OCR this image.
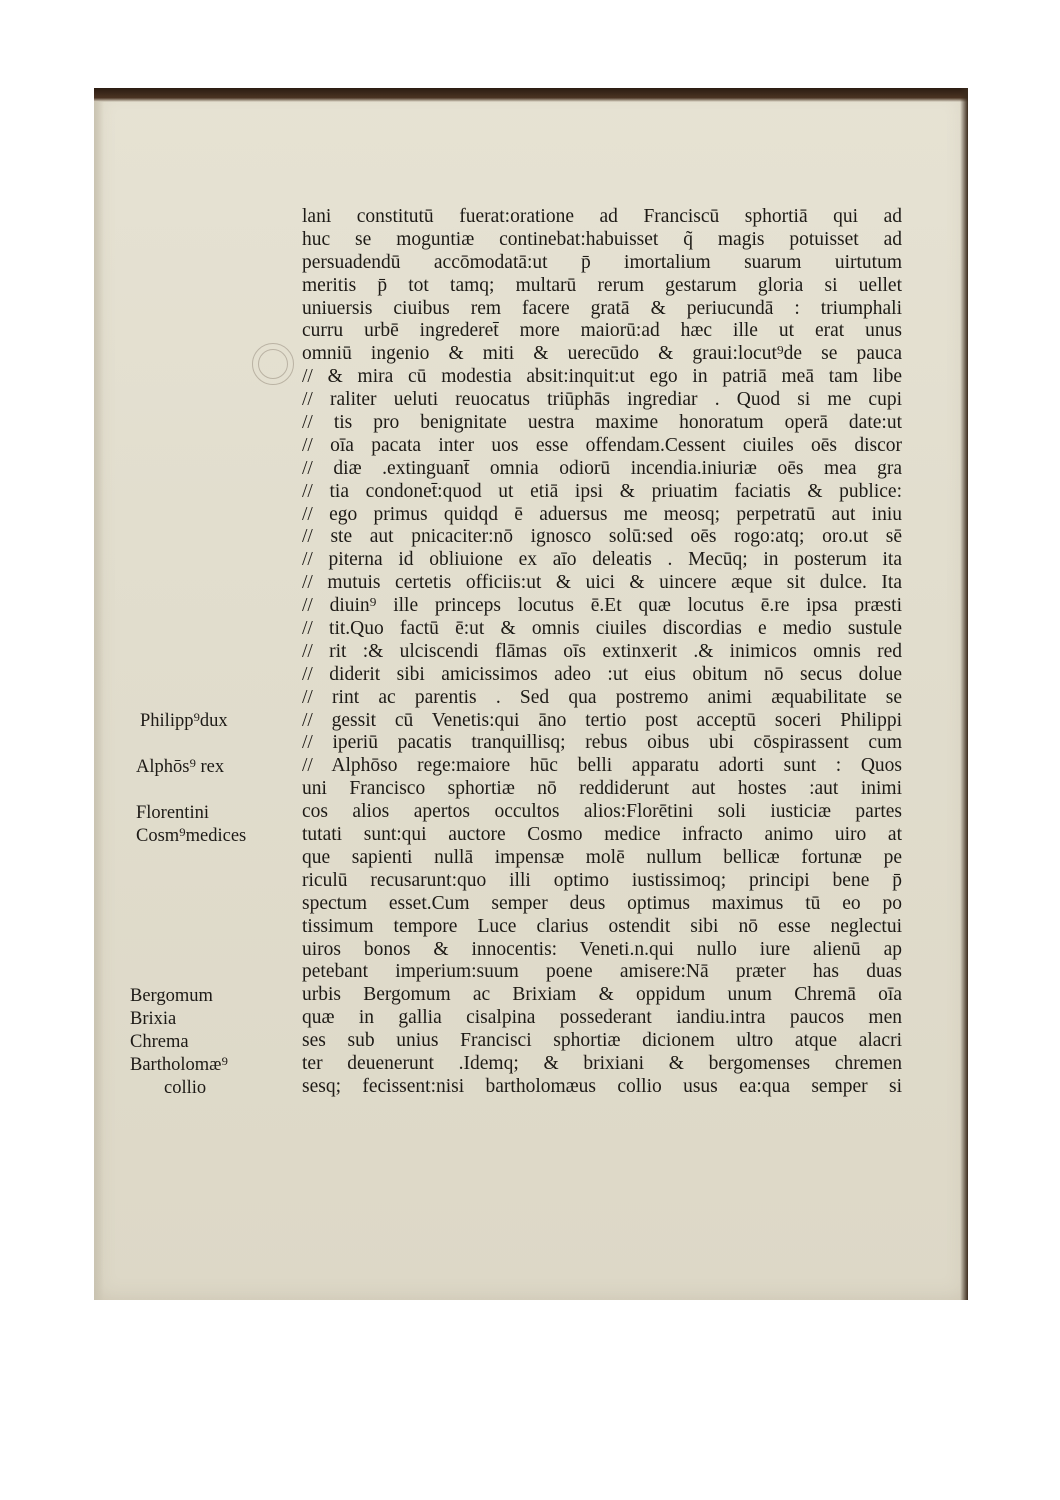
Philipp⁹dux
Alphōs⁹ rex
Florentini
Cosm⁹medices
Bergomum
Brixia
Chrema
Bartholomæ⁹
collio
lani constitutū fuerat:oratione ad Franciscū sphortiā qui ad
huc se moguntiæ continebat:habuisset q̃ magis potuisset ad
persuadendū accōmodatā:ut p̄ imortalium suarum uirtutum
meritis p̄ tot tamq; multarū rerum gestarum gloria si uellet
uniuersis ciuibus rem facere gratā & periucundā : triumphali
curru urbē ingrederet̄ more maiorū:ad hæc ille ut erat unus
omniū ingenio & miti & uerecūdo & graui:locut⁹de se pauca
// & mira cū modestia absit:inquit:ut ego in patriā meā tam libe
// raliter ueluti reuocatus triūphās ingrediar . Quod si me cupi
// tis pro benignitate uestra maxime honoratum operā date:ut
// oīa pacata inter uos esse offendam.Cessent ciuiles oēs discor
// diæ .extinguant̄ omnia odiorū incendia.iniuriæ oēs mea gra
// tia condonet̄:quod ut etiā ipsi & priuatim faciatis & publice:
// ego primus quidqd ē aduersus me meosq; perpetratū aut iniu
// ste aut pnicaciter:nō ignosco solū:sed oēs rogo:atq; oro.ut sē
// piterna id obliuione ex aīo deleatis . Mecūq; in posterum ita
// mutuis certetis officiis:ut & uici & uincere æque sit dulce. Ita
// diuin⁹ ille princeps locutus ē.Et quæ locutus ē.re ipsa præsti
// tit.Quo factū ē:ut & omnis ciuiles discordias e medio sustule
// rit :& ulciscendi flāmas oīs extinxerit .& inimicos omnis red
// diderit sibi amicissimos adeo :ut eius obitum nō secus dolue
// rint ac parentis . Sed qua postremo animi æquabilitate se
// gessit cū Venetis:qui āno tertio post acceptū soceri Philippi
// iperiū pacatis tranquillisq; rebus oibus ubi cōspirassent cum
// Alphōso rege:maiore hūc belli apparatu adorti sunt : Quos
uni Francisco sphortiæ nō reddiderunt aut hostes :aut inimi
cos alios apertos occultos alios:Florētini soli iusticiæ partes
tutati sunt:qui auctore Cosmo medice infracto animo uiro at
que sapienti nullā impensæ molē nullum bellicæ fortunæ pe
riculū recusarunt:quo illi optimo iustissimoq; principi bene p̄
spectum esset.Cum semper deus optimus maximus tū eo po
tissimum tempore Luce clarius ostendit sibi nō esse neglectui
uiros bonos & innocentis: Veneti.n.qui nullo iure alienū ap
petebant imperium:suum poene amisere:Nā præter has duas
urbis Bergomum ac Brixiam & oppidum unum Chremā oīa
quæ in gallia cisalpina possederant iandiu.intra paucos men
ses sub unius Francisci sphortiæ dicionem ultro atque alacri
ter deuenerunt .Idemq; & brixiani & bergomenses chremen
sesq; fecissent:nisi bartholomæus collio usus ea:qua semper si
